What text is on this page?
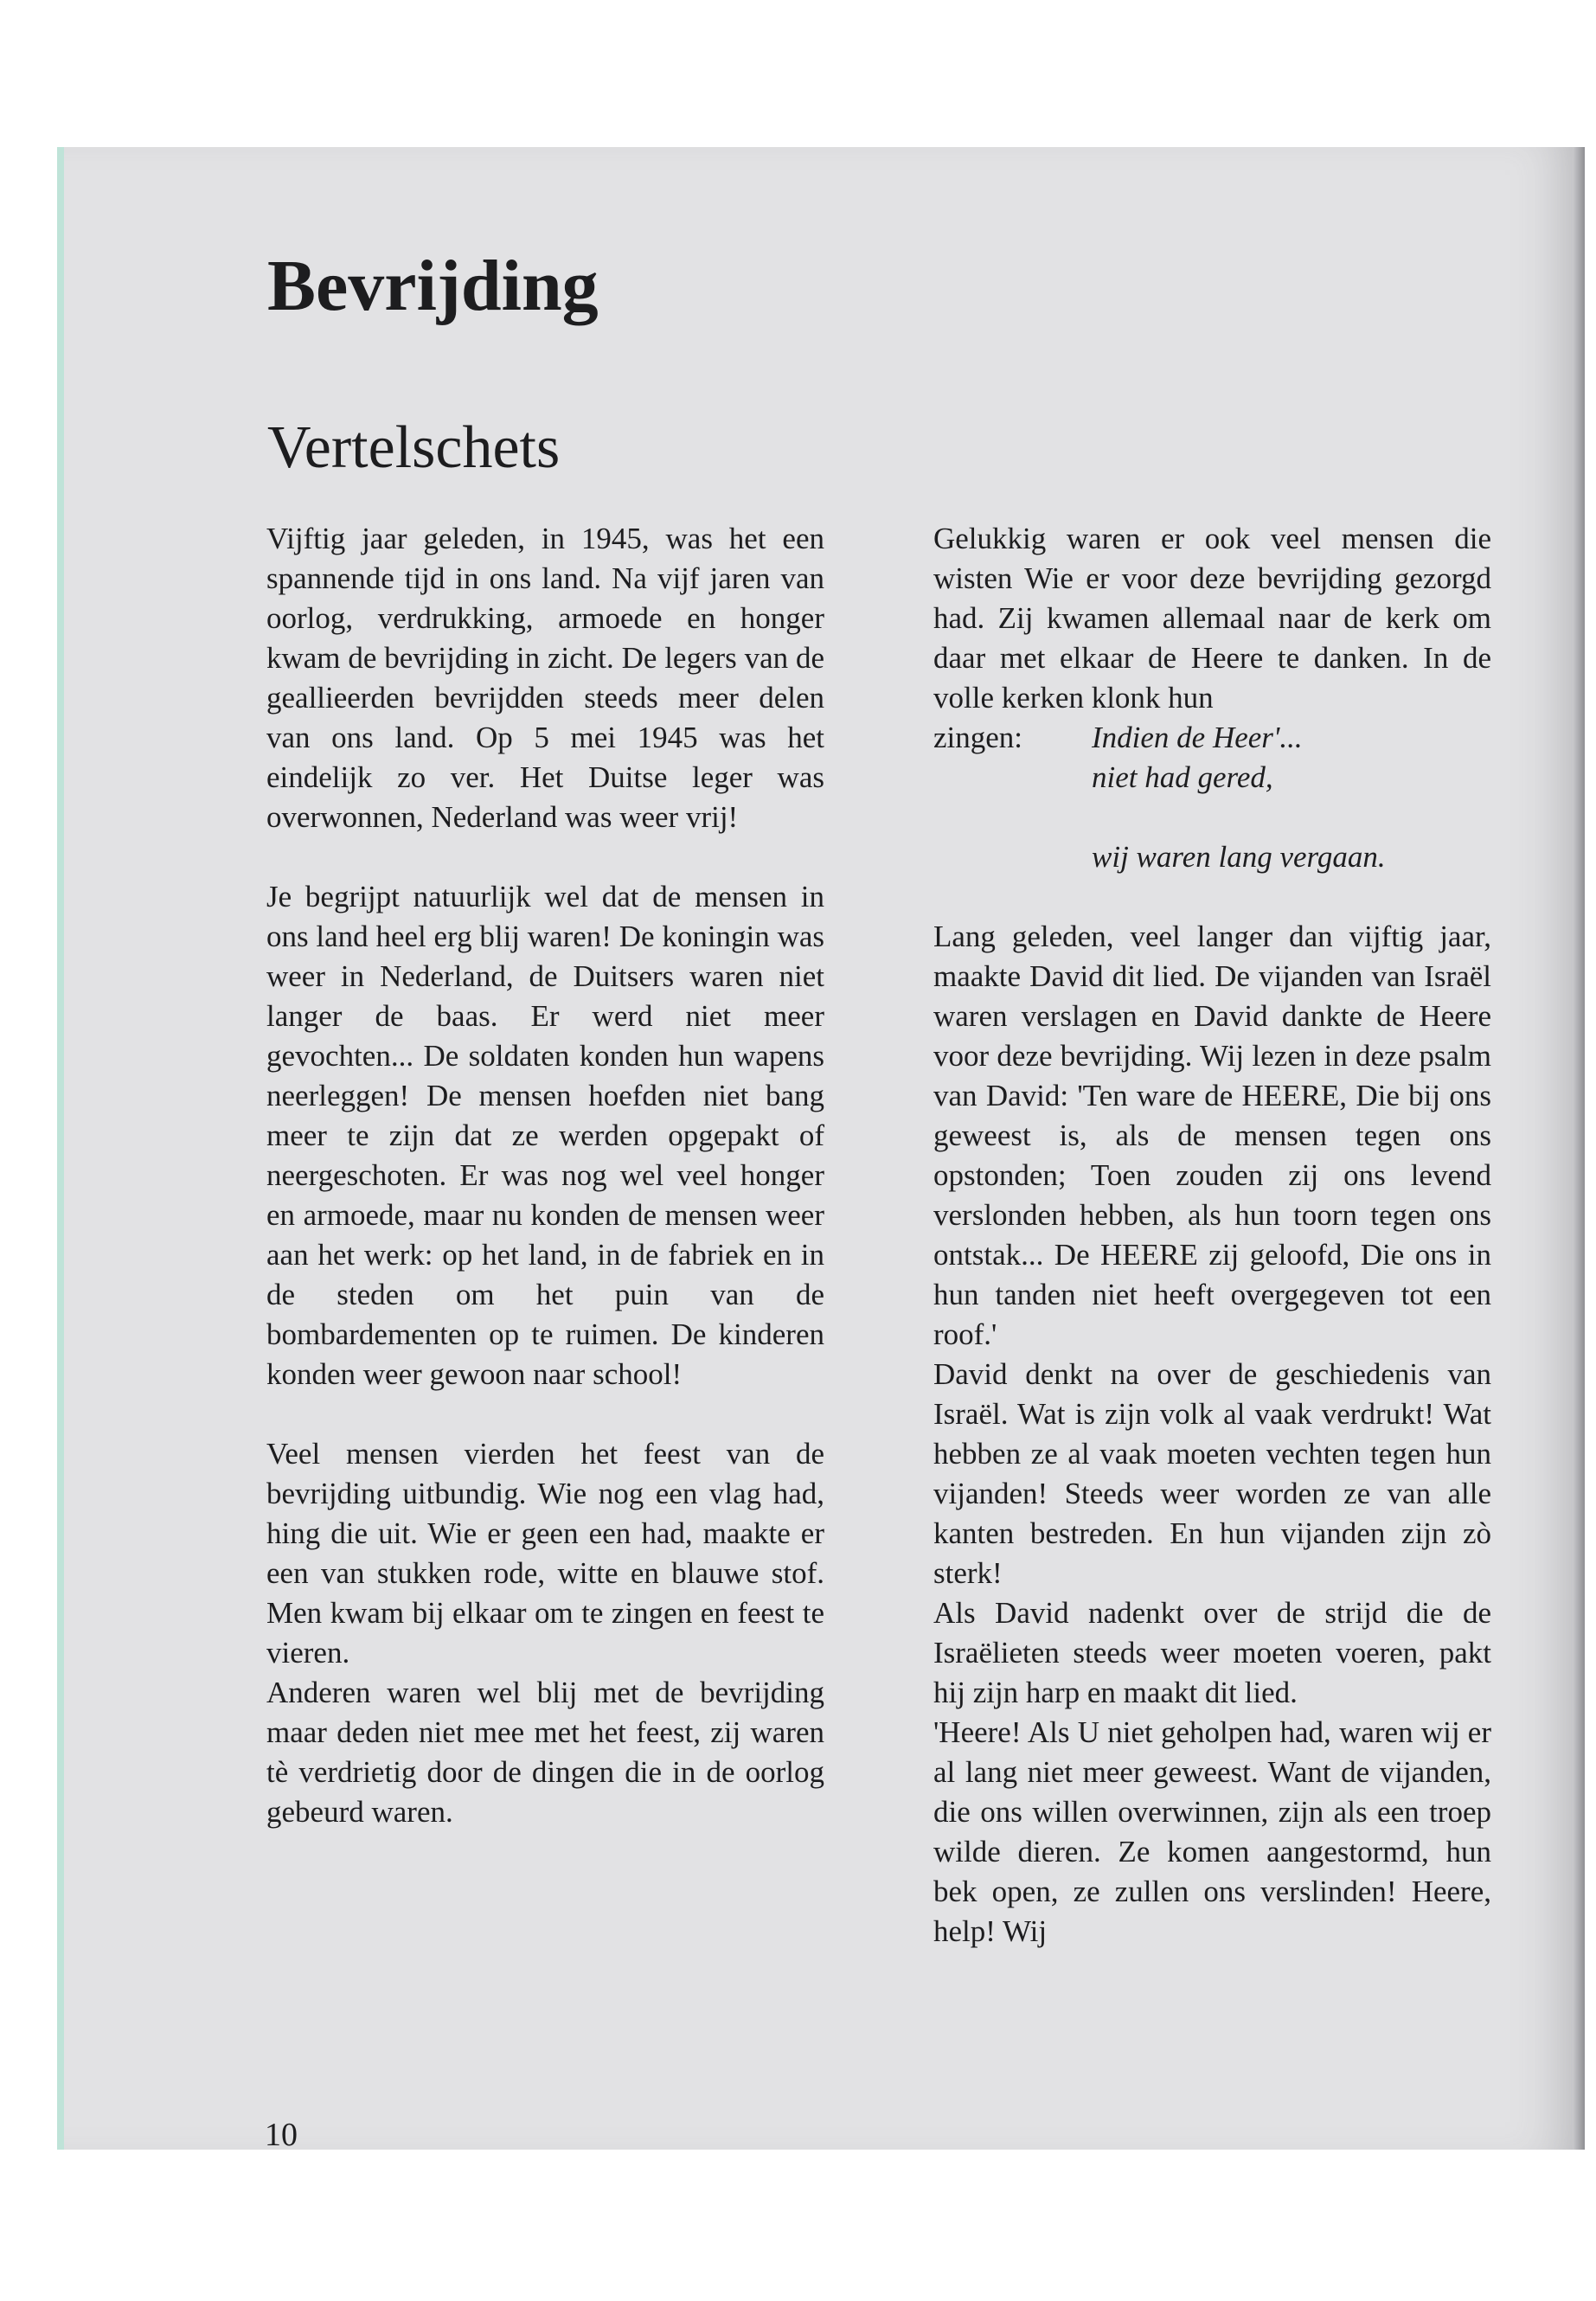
Bevrijding
Vertelschets

Vijftig jaar geleden, in 1945, was het een spannende tijd in ons land. Na vijf jaren van oorlog, verdrukking, armoede en honger kwam de bevrijding in zicht. De legers van de geallieerden bevrijdden steeds meer delen van ons land. Op 5 mei 1945 was het eindelijk zo ver. Het Duitse leger was overwonnen, Nederland was weer vrij!

Je begrijpt natuurlijk wel dat de mensen in ons land heel erg blij waren! De koningin was weer in Nederland, de Duitsers waren niet langer de baas. Er werd niet meer gevochten... De soldaten konden hun wapens neerleggen! De mensen hoefden niet bang meer te zijn dat ze werden opgepakt of neergeschoten. Er was nog wel veel honger en armoede, maar nu konden de mensen weer aan het werk: op het land, in de fabriek en in de steden om het puin van de bombardementen op te ruimen. De kinderen konden weer gewoon naar school!

Veel mensen vierden het feest van de bevrijding uitbundig. Wie nog een vlag had, hing die uit. Wie er geen een had, maakte er een van stukken rode, witte en blauwe stof. Men kwam bij elkaar om te zingen en feest te vieren.

Anderen waren wel blij met de bevrijding maar deden niet mee met het feest, zij waren tè verdrietig door de dingen die in de oorlog gebeurd waren.

Gelukkig waren er ook veel mensen die wisten Wie er voor deze bevrijding gezorgd had. Zij kwamen allemaal naar de kerk om daar met elkaar de Heere te danken. In de volle kerken klonk hun

zingen:	Indien de Heer'...

niet had gered,

wij waren lang vergaan.

Lang geleden, veel langer dan vijftig jaar, maakte David dit lied. De vijanden van Israël waren verslagen en David dankte de Heere voor deze bevrijding. Wij lezen in deze psalm van David: 'Ten ware de HEERE, Die bij ons geweest is, als de mensen tegen ons opstonden; Toen zouden zij ons levend verslonden hebben, als hun toorn tegen ons ontstak... De HEERE zij geloofd, Die ons in hun tanden niet heeft overgegeven tot een roof.'

David denkt na over de geschiedenis van Israël. Wat is zijn volk al vaak verdrukt! Wat hebben ze al vaak moeten vechten tegen hun vijanden! Steeds weer worden ze van alle kanten bestreden. En hun vijanden zijn zò sterk!

Als David nadenkt over de strijd die de Israëlieten steeds weer moeten voeren, pakt hij zijn harp en maakt dit lied.

'Heere! Als U niet geholpen had, waren wij er al lang niet meer geweest. Want de vijanden, die ons willen overwinnen, zijn als een troep wilde dieren. Ze komen aangestormd, hun bek open, ze zullen ons verslinden! Heere, help! Wij

10
